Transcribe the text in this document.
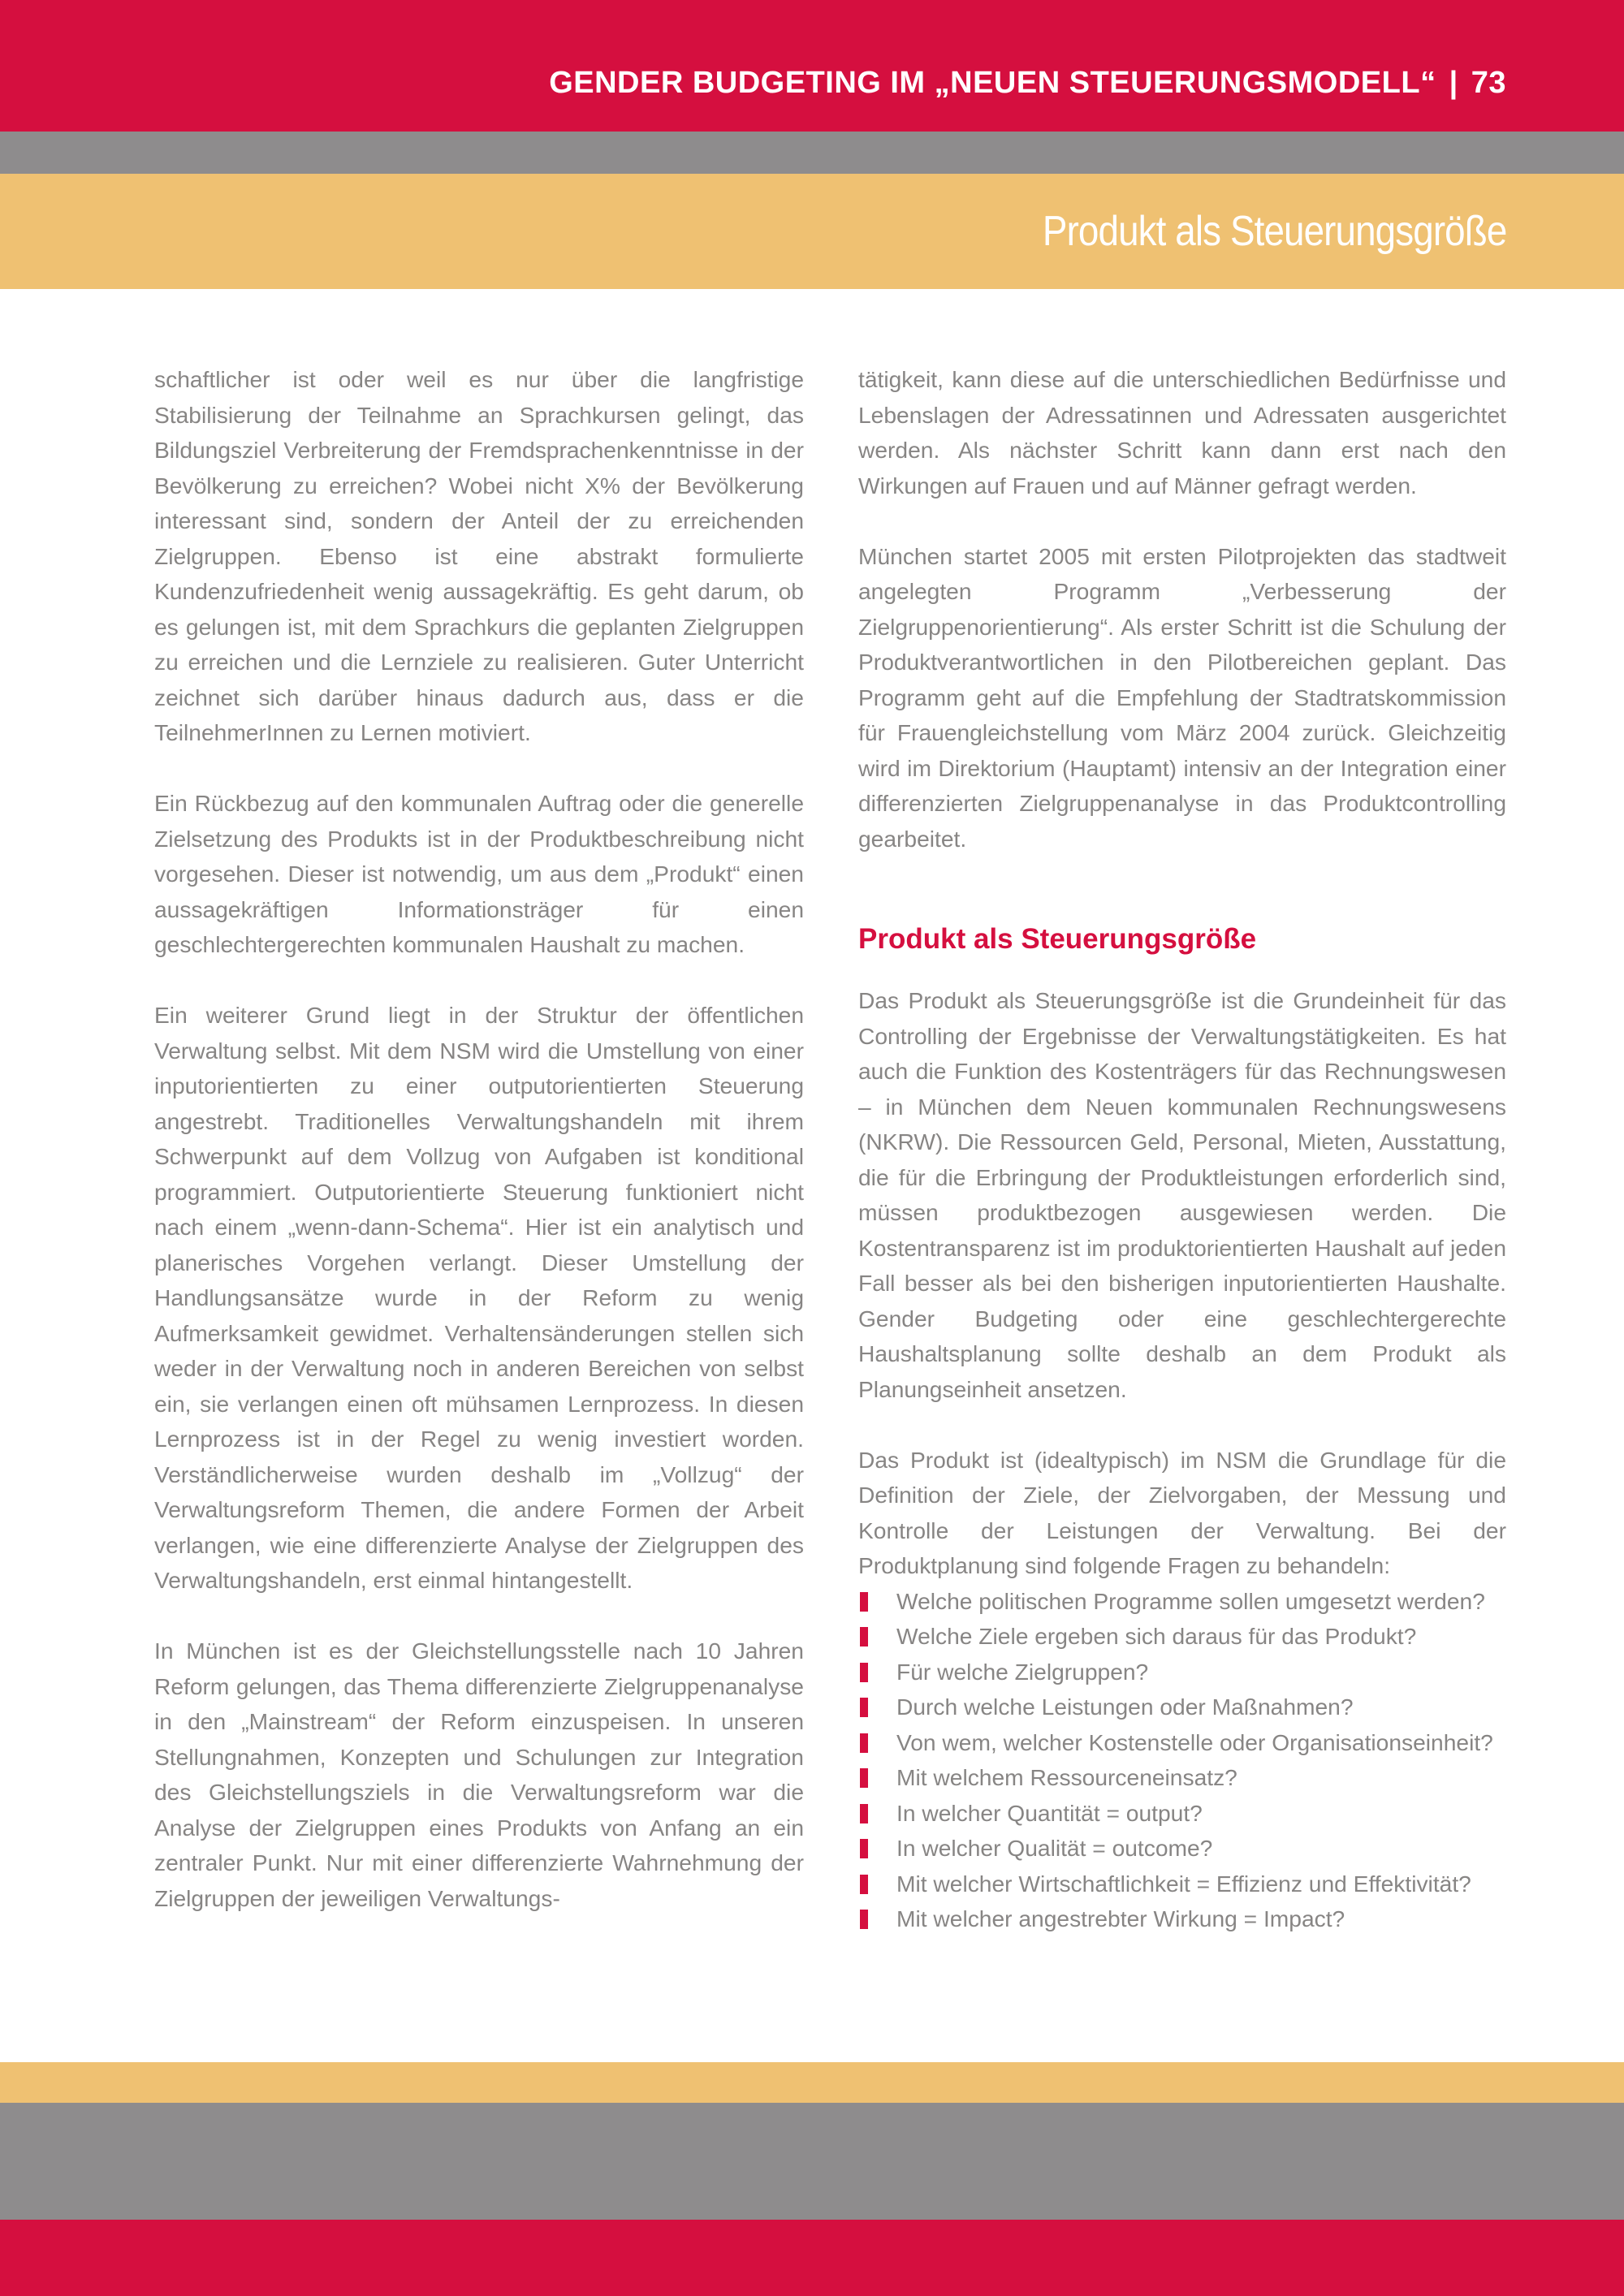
GENDER BUDGETING IM „NEUEN STEUERUNGSMODELL“ | 73
Produkt als Steuerungsgröße

schaftlicher ist oder weil es nur über die langfristige Stabilisierung der Teilnahme an Sprachkursen gelingt, das Bildungsziel Verbreiterung der Fremdsprachenkenntnisse in der Bevölkerung zu erreichen? Wobei nicht X% der Bevölkerung interessant sind, sondern der Anteil der zu erreichenden Zielgruppen. Ebenso ist eine abstrakt formulierte Kundenzufriedenheit wenig aussagekräftig. Es geht darum, ob es gelungen ist, mit dem Sprachkurs die geplanten Zielgruppen zu erreichen und die Lernziele zu realisieren. Guter Unterricht zeichnet sich darüber hinaus dadurch aus, dass er die TeilnehmerInnen zu Lernen motiviert.

Ein Rückbezug auf den kommunalen Auftrag oder die generelle Zielsetzung des Produkts ist in der Produktbeschreibung nicht vorgesehen. Dieser ist notwendig, um aus dem „Produkt“ einen aussagekräftigen Informationsträger für einen geschlechtergerechten kommunalen Haushalt zu machen.

Ein weiterer Grund liegt in der Struktur der öffentlichen Verwaltung selbst. Mit dem NSM wird die Umstellung von einer inputorientierten zu einer outputorientierten Steuerung angestrebt. Traditionelles Verwaltungshandeln mit ihrem Schwerpunkt auf dem Vollzug von Aufgaben ist konditional programmiert. Outputorientierte Steuerung funktioniert nicht nach einem „wenn-dann-Schema“. Hier ist ein analytisch und planerisches Vorgehen verlangt. Dieser Umstellung der Handlungsansätze wurde in der Reform zu wenig Aufmerksamkeit gewidmet. Verhaltensänderungen stellen sich weder in der Verwaltung noch in anderen Bereichen von selbst ein, sie verlangen einen oft mühsamen Lernprozess. In diesen Lernprozess ist in der Regel zu wenig investiert worden. Verständlicherweise wurden deshalb im „Vollzug“ der Verwaltungsreform Themen, die andere Formen der Arbeit verlangen, wie eine differenzierte Analyse der Zielgruppen des Verwaltungshandeln, erst einmal hintangestellt.

In München ist es der Gleichstellungsstelle nach 10 Jahren Reform gelungen, das Thema differenzierte Zielgruppenanalyse in den „Mainstream“ der Reform einzuspeisen. In unseren Stellungnahmen, Konzepten und Schulungen zur Integration des Gleichstellungsziels in die Verwaltungsreform war die Analyse der Zielgruppen eines Produkts von Anfang an ein zentraler Punkt. Nur mit einer differenzierte Wahrnehmung der Zielgruppen der jeweiligen Verwaltungs-

tätigkeit, kann diese auf die unterschiedlichen Bedürfnisse und Lebenslagen der Adressatinnen und Adressaten ausgerichtet werden. Als nächster Schritt kann dann erst nach den Wirkungen auf Frauen und auf Männer gefragt werden.

München startet 2005 mit ersten Pilotprojekten das stadtweit angelegten Programm „Verbesserung der Zielgruppenorientierung“. Als erster Schritt ist die Schulung der Produktverantwortlichen in den Pilotbereichen geplant. Das Programm geht auf die Empfehlung der Stadtratskommission für Frauengleichstellung vom März 2004 zurück. Gleichzeitig wird im Direktorium (Hauptamt) intensiv an der Integration einer differenzierten Zielgruppenanalyse in das Produktcontrolling gearbeitet.

Produkt als Steuerungsgröße

Das Produkt als Steuerungsgröße ist die Grundeinheit für das Controlling der Ergebnisse der Verwaltungstätigkeiten. Es hat auch die Funktion des Kostenträgers für das Rechnungswesen – in München dem Neuen kommunalen Rechnungswesens (NKRW). Die Ressourcen Geld, Personal, Mieten, Ausstattung, die für die Erbringung der Produktleistungen erforderlich sind, müssen produktbezogen ausgewiesen werden. Die Kostentransparenz ist im produktorientierten Haushalt auf jeden Fall besser als bei den bisherigen inputorientierten Haushalte. Gender Budgeting oder eine geschlechtergerechte Haushaltsplanung sollte deshalb an dem Produkt als Planungseinheit ansetzen.

Das Produkt ist (idealtypisch) im NSM die Grundlage für die Definition der Ziele, der Zielvorgaben, der Messung und Kontrolle der Leistungen der Verwaltung. Bei der Produktplanung sind folgende Fragen zu behandeln:

Welche politischen Programme sollen umgesetzt werden?
Welche Ziele ergeben sich daraus für das Produkt?
Für welche Zielgruppen?
Durch welche Leistungen oder Maßnahmen?
Von wem, welcher Kostenstelle oder Organisationseinheit?
Mit welchem Ressourceneinsatz?
In welcher Quantität = output?
In welcher Qualität = outcome?
Mit welcher Wirtschaftlichkeit = Effizienz und Effektivität?
Mit welcher angestrebter Wirkung = Impact?
